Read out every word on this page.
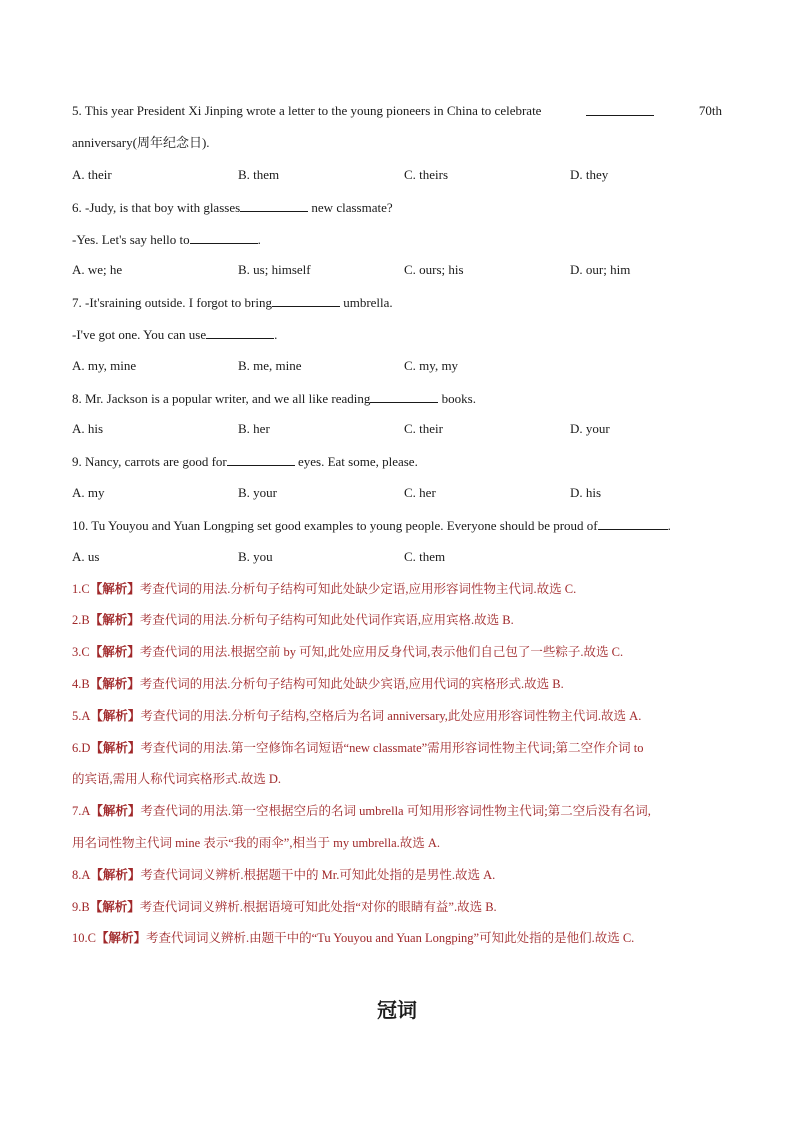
5. This year President Xi Jinping wrote a letter to the young pioneers in China to celebrate	70th
anniversary(周年纪念日).
A. their	B. them	C. theirs	D. they
6. -Judy, is that boy with glasses	new classmate?
-Yes. Let's say hello to	.
A. we; he	B. us; himself	C. ours; his	D. our; him
7. -It'sraining outside. I forgot to bring	umbrella.
-I've got one. You can use	.
A. my, mine	B. me, mine	C. my, my
8. Mr. Jackson is a popular writer, and we all like reading	books.
A. his	B. her	C. their	D. your
9. Nancy, carrots are good for	eyes. Eat some, please.
A. my	B. your	C. her	D. his
10. Tu Youyou and Yuan Longping set good examples to young people. Everyone should be proud of	.
A. us	B. you	C. them
1.C【解析】考查代词的用法.分析句子结构可知此处缺少定语,应用形容词性物主代词.故选 C.
2.B【解析】考查代词的用法.分析句子结构可知此处代词作宾语,应用宾格.故选 B.
3.C【解析】考查代词的用法.根据空前 by 可知,此处应用反身代词,表示他们自己包了一些粽子.故选 C.
4.B【解析】考查代词的用法.分析句子结构可知此处缺少宾语,应用代词的宾格形式.故选 B.
5.A【解析】考查代词的用法.分析句子结构,空格后为名词 anniversary,此处应用形容词性物主代词.故选 A.
6.D【解析】考查代词的用法.第一空修饰名词短语“new classmate”需用形容词性物主代词;第二空作介词 to
的宾语,需用人称代词宾格形式.故选 D.
7.A【解析】考查代词的用法.第一空根据空后的名词 umbrella 可知用形容词性物主代词;第二空后没有名词,
用名词性物主代词 mine 表示“我的雨伞”,相当于 my umbrella.故选 A.
8.A【解析】考查代词词义辨析.根据题干中的 Mr.可知此处指的是男性.故选 A.
9.B【解析】考查代词词义辨析.根据语境可知此处指“对你的眼睛有益”.故选 B.
10.C【解析】考查代词词义辨析.由题干中的“Tu Youyou and Yuan Longping”可知此处指的是他们.故选 C.
冠词
